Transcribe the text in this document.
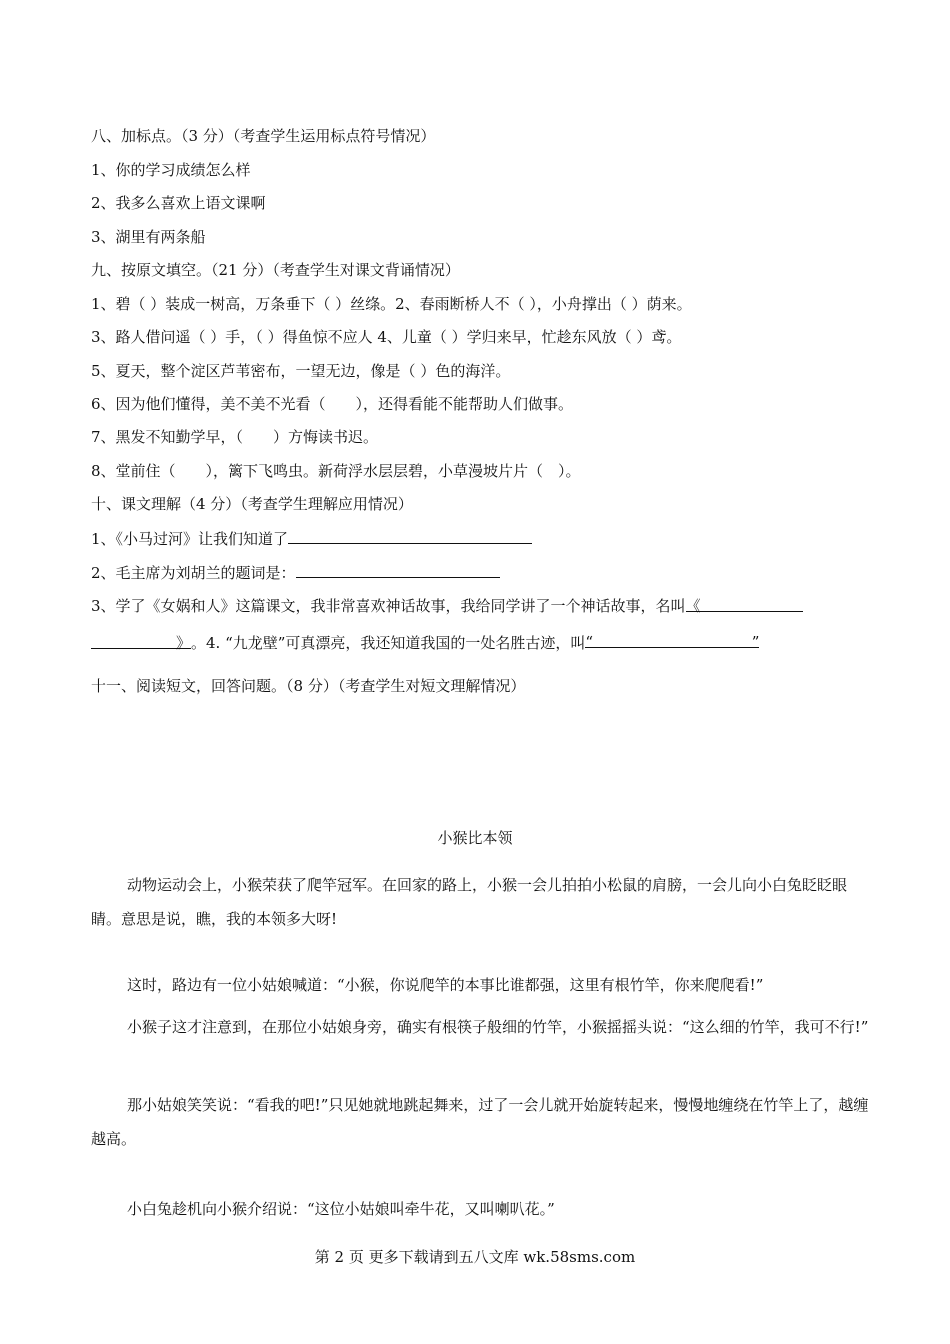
八、加标点。（3 分）（考查学生运用标点符号情况）
1、你的学习成绩怎么样
2、我多么喜欢上语文课啊
3、湖里有两条船
九、按原文填空。（21 分）（考查学生对课文背诵情况）
1、碧（ ）装成一树高，万条垂下（ ）丝绦。2、春雨断桥人不（ ），小舟撑出（ ）荫来。
3、路人借问遥（ ）手，（ ）得鱼惊不应人 4、儿童（ ）学归来早，忙趁东风放（ ）鸢。
5、夏天，整个淀区芦苇密布，一望无边，像是（ ）色的海洋。
6、因为他们懂得，美不美不光看（　　），还得看能不能帮助人们做事。
7、黑发不知勤学早，（　　）方悔读书迟。
8、堂前住（　　），篱下飞鸣虫。新荷浮水层层碧，小草漫坡片片（　）。
十、课文理解（4 分）（考查学生理解应用情况）
1、《小马过河》让我们知道了
2、毛主席为刘胡兰的题词是：
3、学了《女娲和人》这篇课文，我非常喜欢神话故事，我给同学讲了一个神话故事，名叫《
》。4. “九龙壁”可真漂亮，我还知道我国的一处名胜古迹，叫 “	”
十一、阅读短文，回答问题。（8 分）（考查学生对短文理解情况）
小猴比本领
动物运动会上，小猴荣获了爬竿冠军。在回家的路上，小猴一会儿拍拍小松鼠的肩膀，一会儿向小白兔眨眨眼睛。意思是说，瞧，我的本领多大呀!
这时，路边有一位小姑娘喊道：“小猴，你说爬竿的本事比谁都强，这里有根竹竿，你来爬爬看!”
小猴子这才注意到，在那位小姑娘身旁，确实有根筷子般细的竹竿，小猴摇摇头说：“这么细的竹竿，我可不行!”
那小姑娘笑笑说：“看我的吧!”只见她就地跳起舞来，过了一会儿就开始旋转起来，慢慢地缠绕在竹竿上了，越缠越高。
小白兔趁机向小猴介绍说：“这位小姑娘叫牵牛花，又叫喇叭花。”
第 2 页 更多下载请到五八文库 wk.58sms.com
